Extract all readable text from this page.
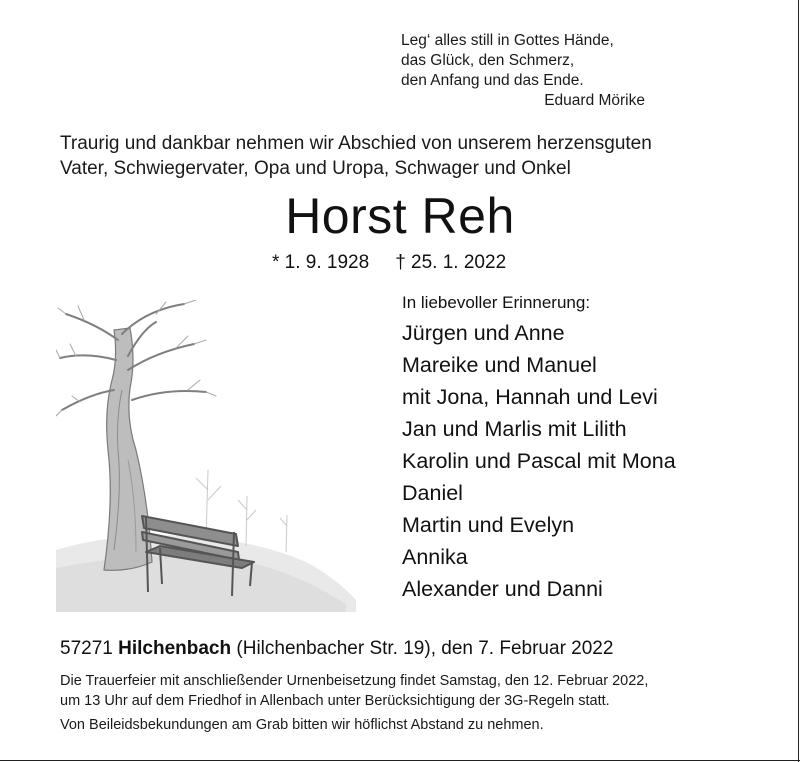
Leg‘ alles still in Gottes Hände,
das Glück, den Schmerz,
den Anfang und das Ende.
Eduard Mörike
Traurig und dankbar nehmen wir Abschied von unserem herzensguten
Vater, Schwiegervater, Opa und Uropa, Schwager und Onkel
Horst Reh
* 1. 9. 1928 † 25. 1. 2022
In liebevoller Erinnerung:
Jürgen und Anne
Mareike und Manuel
mit Jona, Hannah und Levi
Jan und Marlis mit Lilith
Karolin und Pascal mit Mona
Daniel
Martin und Evelyn
Annika
Alexander und Danni
57271 Hilchenbach (Hilchenbacher Str. 19), den 7. Februar 2022
Die Trauerfeier mit anschließender Urnenbeisetzung findet Samstag, den 12. Februar 2022,
um 13 Uhr auf dem Friedhof in Allenbach unter Berücksichtigung der 3G-Regeln statt.
Von Beileidsbekundungen am Grab bitten wir höflichst Abstand zu nehmen.
